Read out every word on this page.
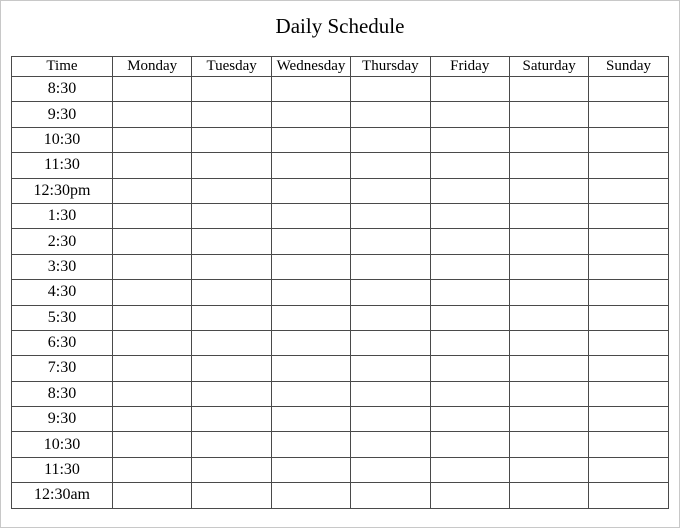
Daily Schedule
Time	Monday	Tuesday	Wednesday	Thursday	Friday	Saturday	Sunday
8:30							
9:30							
10:30							
11:30							
12:30pm							
1:30							
2:30							
3:30							
4:30							
5:30							
6:30							
7:30							
8:30							
9:30							
10:30							
11:30							
12:30am							
